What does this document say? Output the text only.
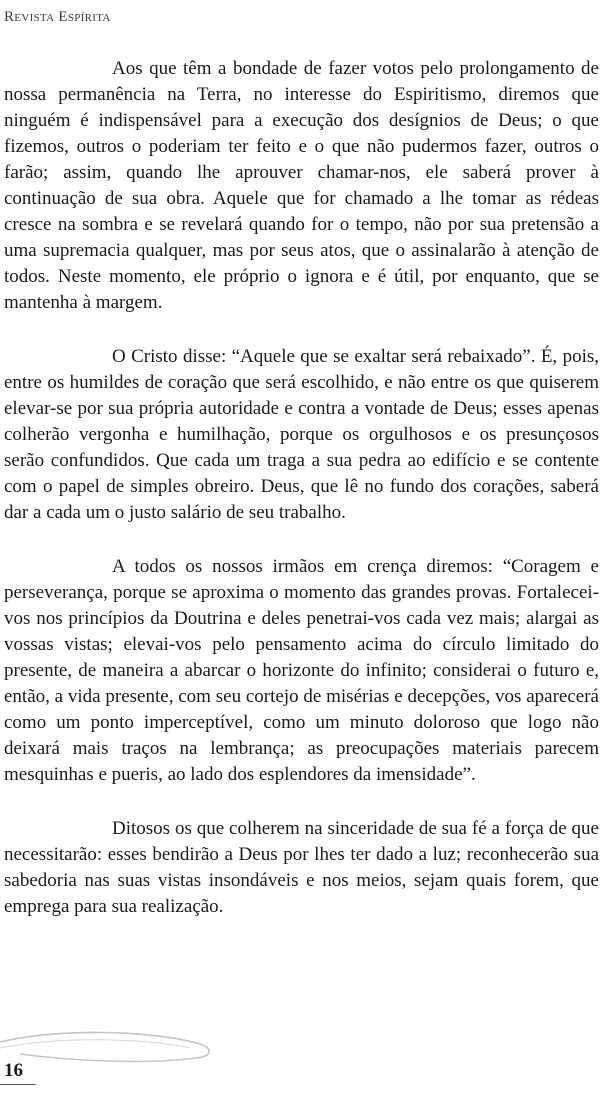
Revista Espírita

Aos que têm a bondade de fazer votos pelo prolongamento de nossa permanência na Terra, no interesse do Espiritismo, diremos que ninguém é indispensável para a execução dos desígnios de Deus; o que fizemos, outros o poderiam ter feito e o que não pudermos fazer, outros o farão; assim, quando lhe aprouver chamar-nos, ele saberá prover à continuação de sua obra. Aquele que for chamado a lhe tomar as rédeas cresce na sombra e se revelará quando for o tempo, não por sua pretensão a uma supremacia qualquer, mas por seus atos, que o assinalarão à atenção de todos. Neste momento, ele próprio o ignora e é útil, por enquanto, que se mantenha à margem.

O Cristo disse: “Aquele que se exaltar será rebaixado”. É, pois, entre os humildes de coração que será escolhido, e não entre os que quiserem elevar-se por sua própria autoridade e contra a vontade de Deus; esses apenas colherão vergonha e humilhação, porque os orgulhosos e os presunçosos serão confundidos. Que cada um traga a sua pedra ao edifício e se contente com o papel de simples obreiro. Deus, que lê no fundo dos corações, saberá dar a cada um o justo salário de seu trabalho.

A todos os nossos irmãos em crença diremos: “Coragem e perseverança, porque se aproxima o momento das grandes provas. Fortalecei-vos nos princípios da Doutrina e deles penetrai-vos cada vez mais; alargai as vossas vistas; elevai-vos pelo pensamento acima do círculo limitado do presente, de maneira a abarcar o horizonte do infinito; considerai o futuro e, então, a vida presente, com seu cortejo de misérias e decepções, vos aparecerá como um ponto imperceptível, como um minuto doloroso que logo não deixará mais traços na lembrança; as preocupações materiais parecem mesquinhas e pueris, ao lado dos esplendores da imensidade”.

Ditosos os que colherem na sinceridade de sua fé a força de que necessitarão: esses bendirão a Deus por lhes ter dado a luz; reconhecerão sua sabedoria nas suas vistas insondáveis e nos meios, sejam quais forem, que emprega para sua realização.

16
